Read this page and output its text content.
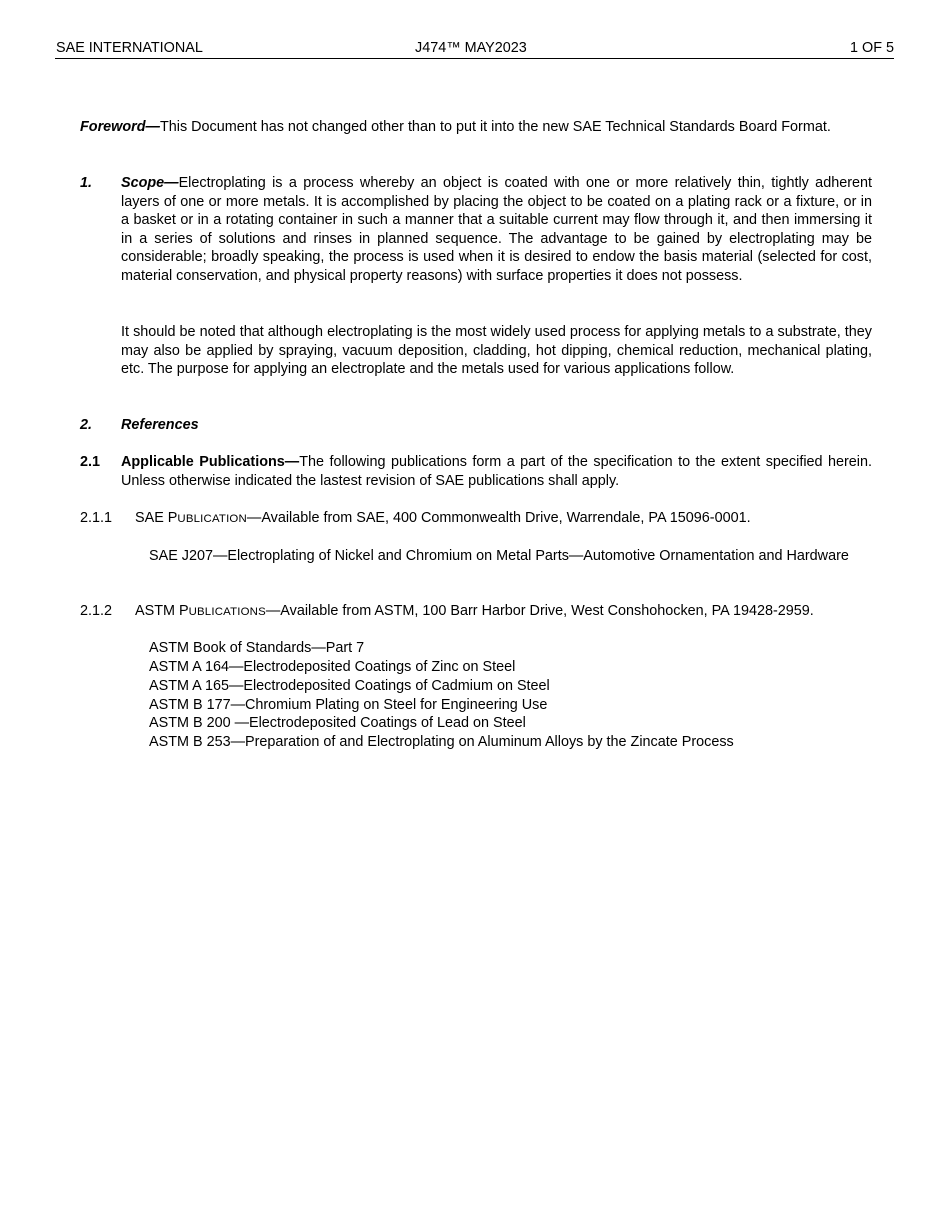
SAE INTERNATIONAL	J474™ MAY2023	1 OF 5

Foreword—This Document has not changed other than to put it into the new SAE Technical Standards Board Format.

1. Scope—Electroplating is a process whereby an object is coated with one or more relatively thin, tightly adherent layers of one or more metals. It is accomplished by placing the object to be coated on a plating rack or a fixture, or in a basket or in a rotating container in such a manner that a suitable current may flow through it, and then immersing it in a series of solutions and rinses in planned sequence. The advantage to be gained by electroplating may be considerable; broadly speaking, the process is used when it is desired to endow the basis material (selected for cost, material conservation, and physical property reasons) with surface properties it does not possess.

It should be noted that although electroplating is the most widely used process for applying metals to a substrate, they may also be applied by spraying, vacuum deposition, cladding, hot dipping, chemical reduction, mechanical plating, etc. The purpose for applying an electroplate and the metals used for various applications follow.

2. References
2.1 Applicable Publications—The following publications form a part of the specification to the extent specified herein. Unless otherwise indicated the lastest revision of SAE publications shall apply.

2.1.1 SAE PUBLICATION—Available from SAE, 400 Commonwealth Drive, Warrendale, PA 15096-0001.

SAE J207—Electroplating of Nickel and Chromium on Metal Parts—Automotive Ornamentation and Hardware

2.1.2 ASTM PUBLICATIONS—Available from ASTM, 100 Barr Harbor Drive, West Conshohocken, PA 19428-2959.

ASTM Book of Standards—Part 7
ASTM A 164—Electrodeposited Coatings of Zinc on Steel
ASTM A 165—Electrodeposited Coatings of Cadmium on Steel
ASTM B 177—Chromium Plating on Steel for Engineering Use
ASTM B 200 —Electrodeposited Coatings of Lead on Steel
ASTM B 253—Preparation of and Electroplating on Aluminum Alloys by the Zincate Process
